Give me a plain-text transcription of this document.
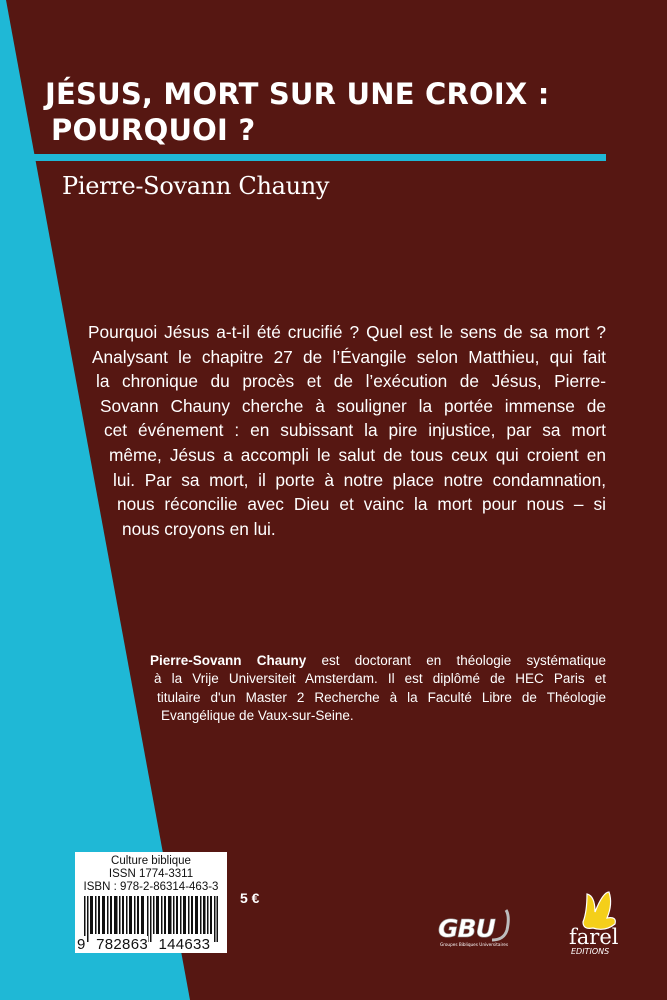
JÉSUS, MORT SUR UNE CROIX :
POURQUOI ?
Pierre-Sovann Chauny
Pourquoi Jésus a-t-il été crucifié ? Quel est le sens de sa mort ?
Analysant le chapitre 27 de l’Évangile selon Matthieu, qui fait
la chronique du procès et de l’exécution de Jésus, Pierre-
Sovann Chauny cherche à souligner la portée immense de
cet événement : en subissant la pire injustice, par sa mort
même, Jésus a accompli le salut de tous ceux qui croient en
lui. Par sa mort, il porte à notre place notre condamnation,
nous réconcilie avec Dieu et vainc la mort pour nous – si
nous croyons en lui.
Pierre-Sovann Chauny est doctorant en théologie systématique
à la Vrije Universiteit Amsterdam. Il est diplômé de HEC Paris et
titulaire d'un Master 2 Recherche à la Faculté Libre de Théologie
Evangélique de Vaux-sur-Seine.
Culture biblique
ISSN 1774-3311
ISBN : 978-2-86314-463-3
9 782863 144633
5 €
GBU
Groupes Bibliques Universitaires	farel
EDITIONS
